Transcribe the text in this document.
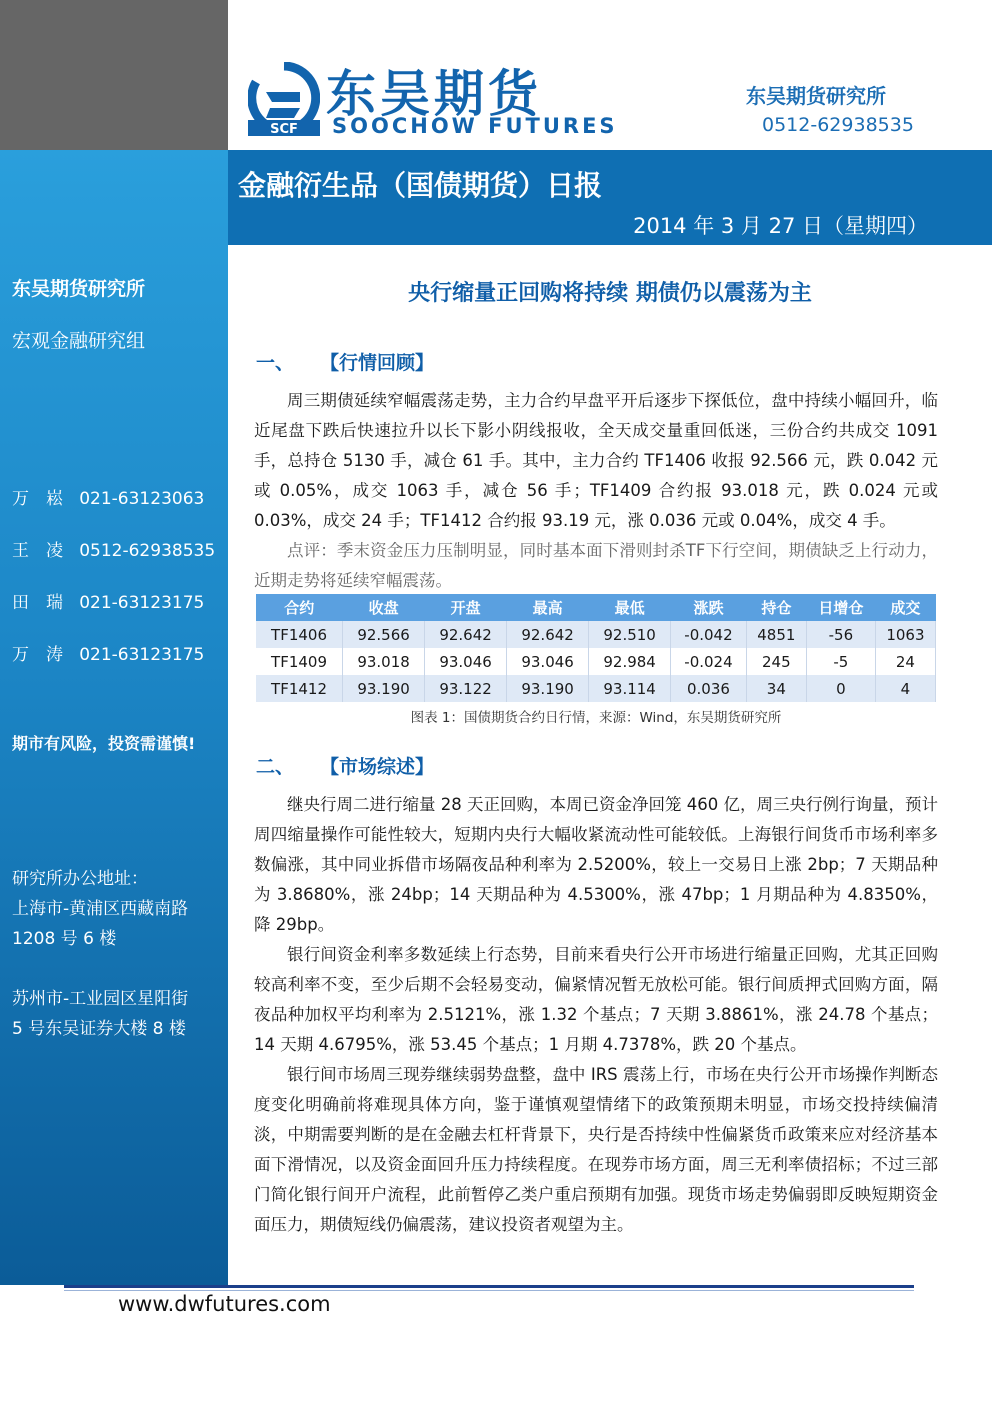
SCF
东吴期货
SOOCHOW FUTURES
东吴期货研究所
0512-62938535
金融衍生品（国债期货）日报
2014 年 3 月 27 日（星期四）
东吴期货研究所
宏观金融研究组
万　崧 021-63123063
王　凌 0512-62938535
田　瑞 021-63123175
万　涛 021-63123175
期市有风险，投资需谨慎!
研究所办公地址：
上海市-黄浦区西藏南路
1208 号 6 楼
苏州市-工业园区星阳街
5 号东吴证券大楼 8 楼
央行缩量正回购将持续 期债仍以震荡为主
一、 【行情回顾】

周三期债延续窄幅震荡走势，主力合约早盘平开后逐步下探低位，盘中持续小幅回升，临近尾盘下跌后快速拉升以长下影小阴线报收，全天成交量重回低迷，三份合约共成交 1091 手，总持仓 5130 手，减仓 61 手。其中，主力合约 TF1406 收报 92.566 元，跌 0.042 元或 0.05%，成交 1063 手，减仓 56 手；TF1409 合约报 93.018 元，跌 0.024 元或 0.03%，成交 24 手；TF1412 合约报 93.19 元，涨 0.036 元或 0.04%，成交 4 手。

点评：季末资金压力压制明显，同时基本面下滑则封杀TF下行空间，期债缺乏上行动力，近期走势将延续窄幅震荡。

合约	收盘	开盘	最高	最低	涨跌	持仓	日增仓	成交
TF1406	92.566	92.642	92.642	92.510	-0.042	4851	-56	1063
TF1409	93.018	93.046	93.046	92.984	-0.024	245	-5	24
TF1412	93.190	93.122	93.190	93.114	0.036	34	0	4
图表 1：国债期货合约日行情，来源：Wind，东吴期货研究所
二、 【市场综述】

继央行周二进行缩量 28 天正回购，本周已资金净回笼 460 亿，周三央行例行询量，预计周四缩量操作可能性较大，短期内央行大幅收紧流动性可能较低。上海银行间货币市场利率多数偏涨，其中同业拆借市场隔夜品种利率为 2.5200%，较上一交易日上涨 2bp；7 天期品种为 3.8680%，涨 24bp；14 天期品种为 4.5300%，涨 47bp；1 月期品种为 4.8350%，降 29bp。

银行间资金利率多数延续上行态势，目前来看央行公开市场进行缩量正回购，尤其正回购较高利率不变，至少后期不会轻易变动，偏紧情况暂无放松可能。银行间质押式回购方面，隔夜品种加权平均利率为 2.5121%，涨 1.32 个基点；7 天期 3.8861%，涨 24.78 个基点；14 天期 4.6795%，涨 53.45 个基点；1 月期 4.7378%，跌 20 个基点。

银行间市场周三现券继续弱势盘整，盘中 IRS 震荡上行，市场在央行公开市场操作判断态度变化明确前将难现具体方向，鉴于谨慎观望情绪下的政策预期未明显，市场交投持续偏清淡，中期需要判断的是在金融去杠杆背景下，央行是否持续中性偏紧货币政策来应对经济基本面下滑情况，以及资金面回升压力持续程度。在现券市场方面，周三无利率债招标；不过三部门简化银行间开户流程，此前暂停乙类户重启预期有加强。现货市场走势偏弱即反映短期资金面压力，期债短线仍偏震荡，建议投资者观望为主。

www.dwfutures.com
